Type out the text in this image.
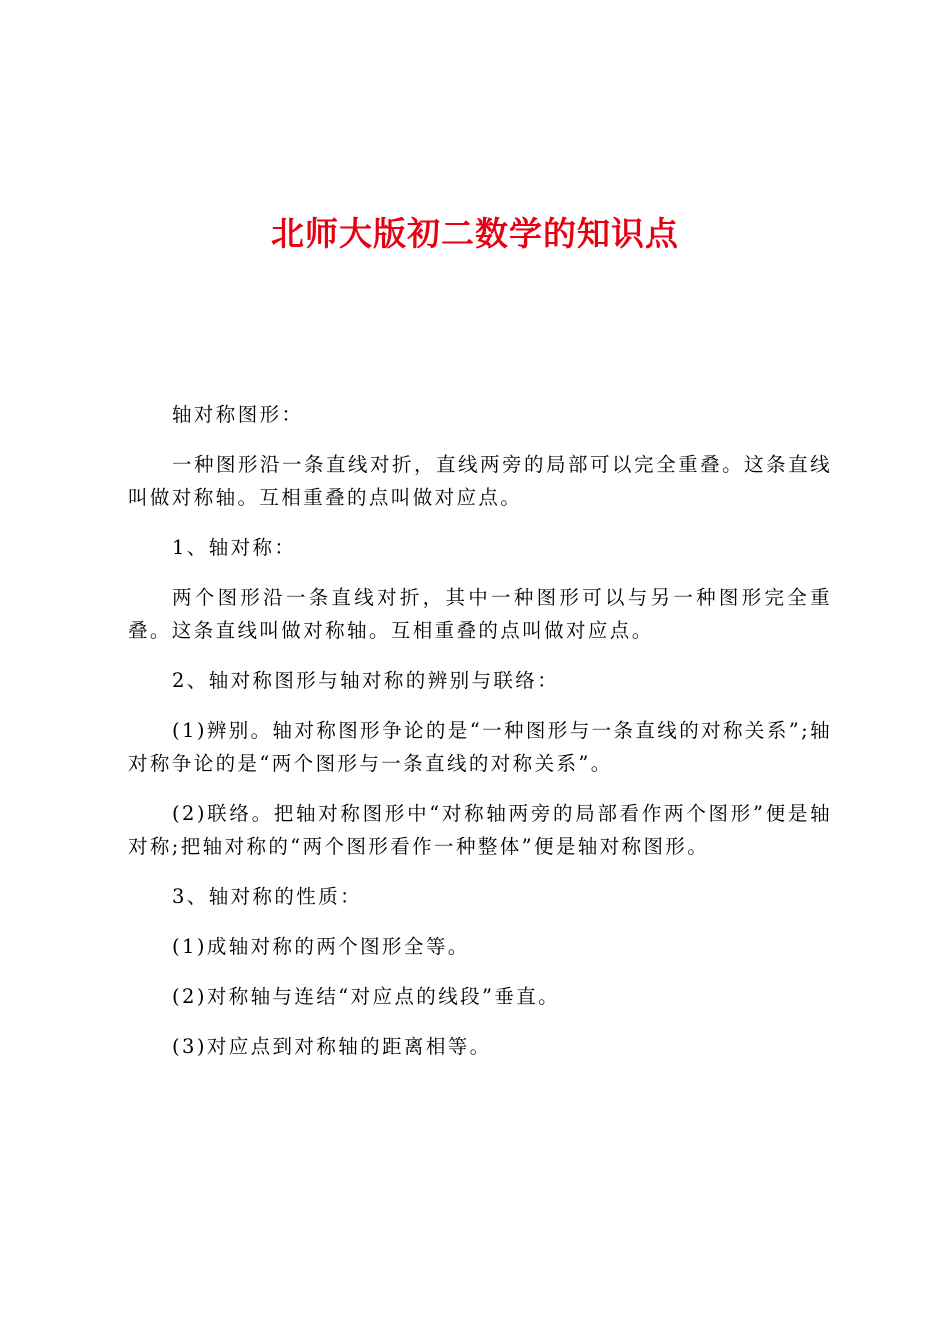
北师大版初二数学的知识点

轴对称图形：

一种图形沿一条直线对折，直线两旁的局部可以完全重叠。这条直线叫做对称轴。互相重叠的点叫做对应点。

1、轴对称：

两个图形沿一条直线对折，其中一种图形可以与另一种图形完全重叠。这条直线叫做对称轴。互相重叠的点叫做对应点。

2、轴对称图形与轴对称的辨别与联络：

(1)辨别。轴对称图形争论的是“一种图形与一条直线的对称关系”;轴对称争论的是“两个图形与一条直线的对称关系”。

(2)联络。把轴对称图形中“对称轴两旁的局部看作两个图形”便是轴对称;把轴对称的“两个图形看作一种整体”便是轴对称图形。

3、轴对称的性质：

(1)成轴对称的两个图形全等。

(2)对称轴与连结“对应点的线段”垂直。

(3)对应点到对称轴的距离相等。
